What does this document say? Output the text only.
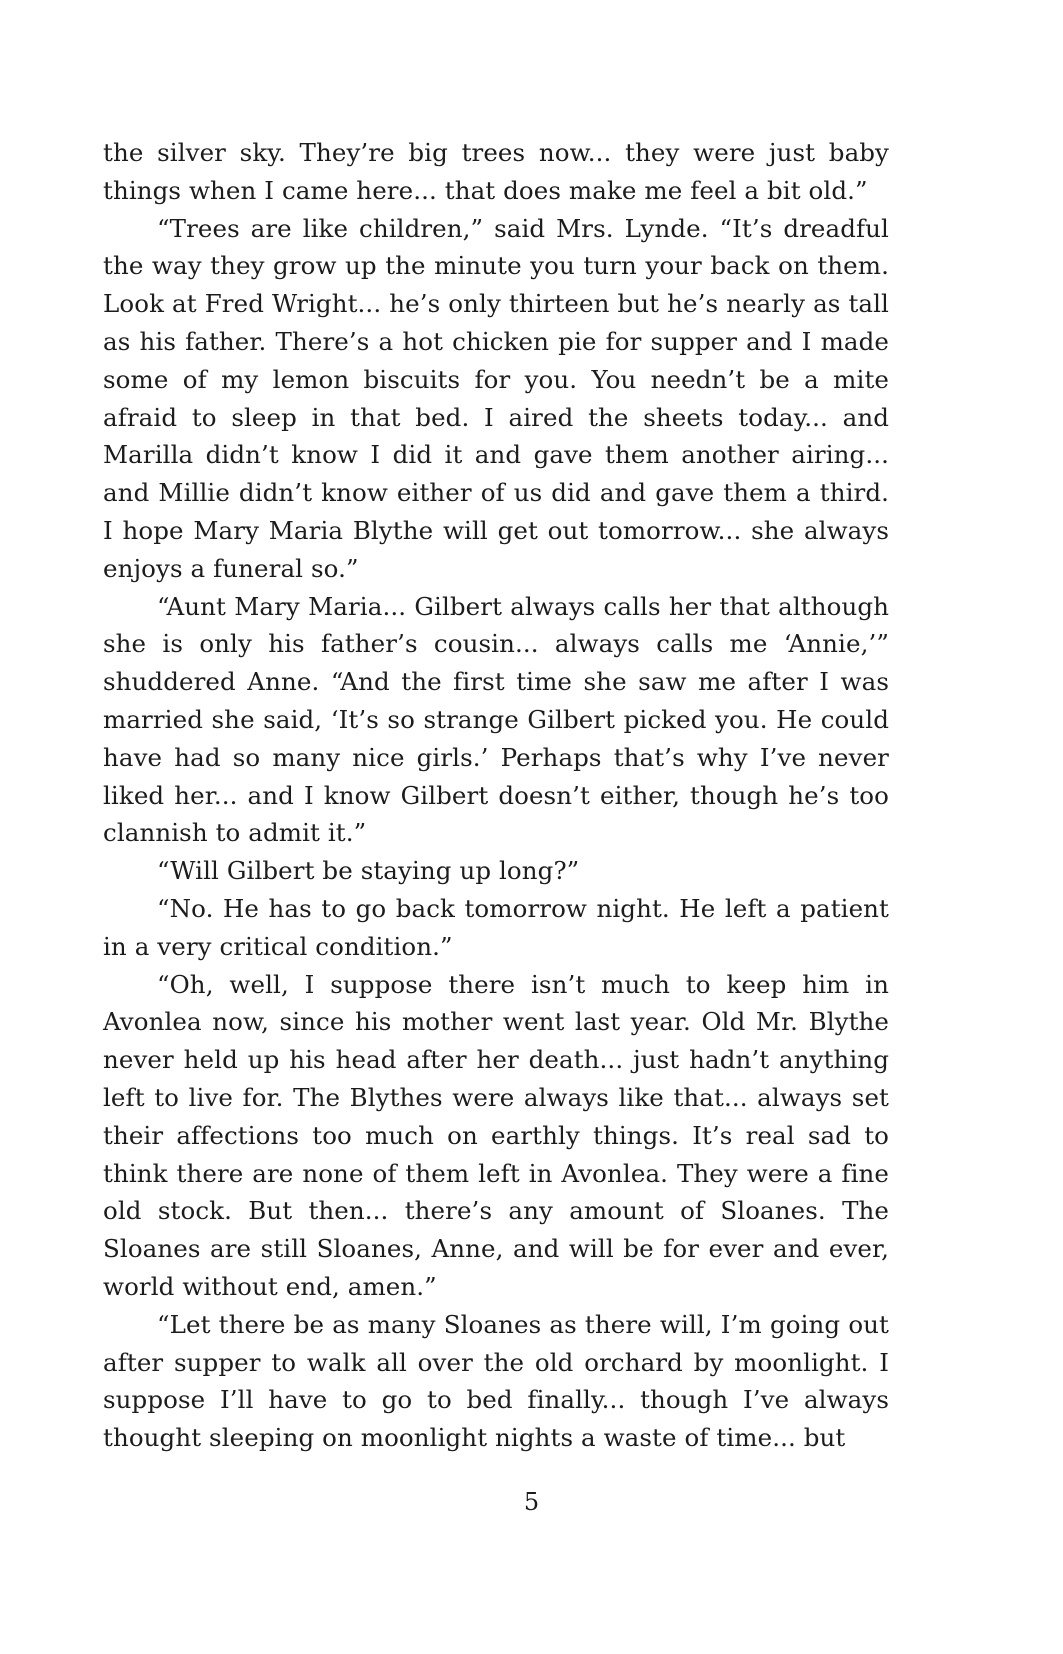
the silver sky. They’re big trees now... they were just baby things when I came here... that does make me feel a bit old.”

“Trees are like children,” said Mrs. Lynde. “It’s dreadful the way they grow up the minute you turn your back on them. Look at Fred Wright... he’s only thirteen but he’s nearly as tall as his father. There’s a hot chicken pie for supper and I made some of my lemon biscuits for you. You needn’t be a mite afraid to sleep in that bed. I aired the sheets today... and Marilla didn’t know I did it and gave them another airing... and Millie didn’t know either of us did and gave them a third. I hope Mary Maria Blythe will get out tomorrow... she always enjoys a funeral so.”

“Aunt Mary Maria... Gilbert always calls her that although she is only his father’s cousin... always calls me ‘Annie,’” shuddered Anne. “And the first time she saw me after I was married she said, ‘It’s so strange Gilbert picked you. He could have had so many nice girls.’ Perhaps that’s why I’ve never liked her... and I know Gilbert doesn’t either, though he’s too clannish to admit it.”

“Will Gilbert be staying up long?”

“No. He has to go back tomorrow night. He left a patient in a very critical condition.”

“Oh, well, I suppose there isn’t much to keep him in Avonlea now, since his mother went last year. Old Mr. Blythe never held up his head after her death... just hadn’t anything left to live for. The Blythes were always like that... always set their affections too much on earthly things. It’s real sad to think there are none of them left in Avonlea. They were a fine old stock. But then... there’s any amount of Sloanes. The Sloanes are still Sloanes, Anne, and will be for ever and ever, world without end, amen.”

“Let there be as many Sloanes as there will, I’m going out after supper to walk all over the old orchard by moonlight. I suppose I’ll have to go to bed finally... though I’ve always thought sleeping on moonlight nights a waste of time... but

5
